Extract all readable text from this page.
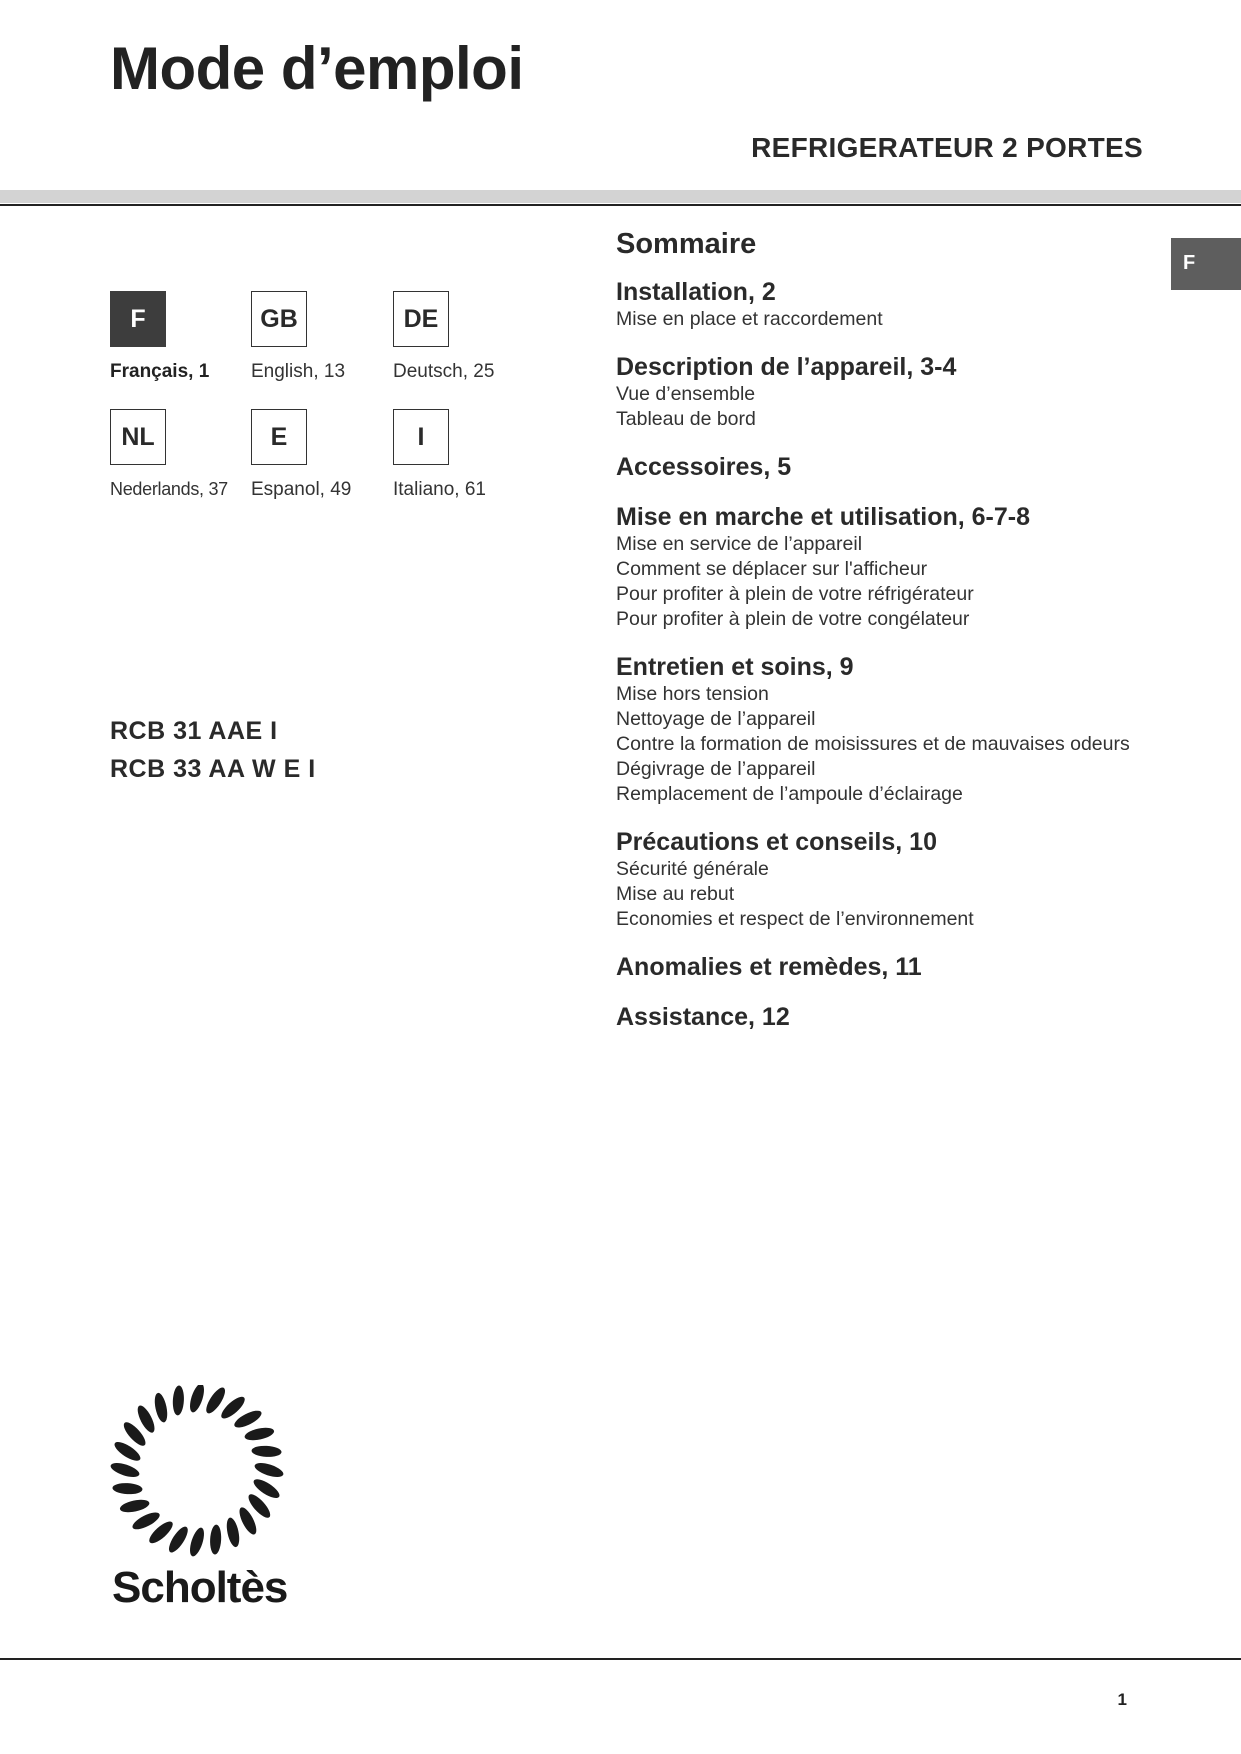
Mode d’emploi
REFRIGERATEUR 2 PORTES
F
F
Français, 1
GB
English, 13
DE
Deutsch, 25
NL
Nederlands, 37
E
Espanol, 49
I
Italiano, 61
RCB 31 AAE I
RCB 33 AA W E I
Sommaire
Installation, 2
Mise en place et raccordement
Description de l’appareil, 3-4
Vue d’ensemble
Tableau de bord
Accessoires, 5
Mise en marche et utilisation, 6-7-8
Mise en service de l’appareil
Comment se déplacer sur l'afficheur
Pour profiter à plein de votre réfrigérateur
Pour profiter à plein de votre congélateur
Entretien et soins, 9
Mise hors tension
Nettoyage de l’appareil
Contre la formation de moisissures et de mauvaises odeurs
Dégivrage de l’appareil
Remplacement de l’ampoule d’éclairage
Précautions et conseils, 10
Sécurité générale
Mise au rebut
Economies et respect de l’environnement
Anomalies et remèdes, 11
Assistance, 12
Scholtès
1
